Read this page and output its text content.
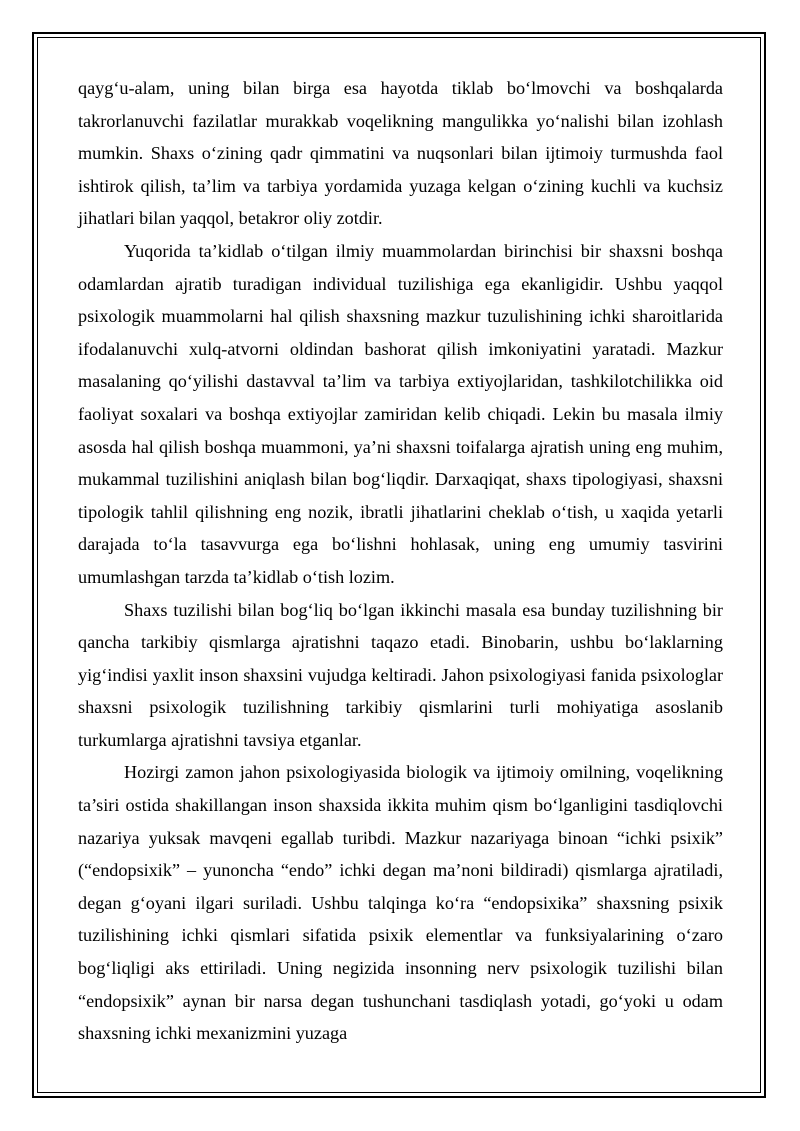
qayg‘u-alam, uning bilan birga esa hayotda tiklab bo‘lmovchi va boshqalarda takrorlanuvchi fazilatlar murakkab voqelikning mangulikka yo‘nalishi bilan izohlash mumkin. Shaxs o‘zining qadr qimmatini va nuqsonlari bilan ijtimoiy turmushda faol ishtirok qilish, ta’lim va tarbiya yordamida yuzaga kelgan o‘zining kuchli va kuchsiz jihatlari bilan yaqqol, betakror oliy zotdir.

Yuqorida ta’kidlab o‘tilgan ilmiy muammolardan birinchisi bir shaxsni boshqa odamlardan ajratib turadigan individual tuzilishiga ega ekanligidir. Ushbu yaqqol psixologik muammolarni hal qilish shaxsning mazkur tuzulishining ichki sharoitlarida ifodalanuvchi xulq-atvorni oldindan bashorat qilish imkoniyatini yaratadi. Mazkur masalaning qo‘yilishi dastavval ta’lim va tarbiya extiyojlaridan, tashkilotchilikka oid faoliyat soxalari va boshqa extiyojlar zamiridan kelib chiqadi. Lekin bu masala ilmiy asosda hal qilish boshqa muammoni, ya’ni shaxsni toifalarga ajratish uning eng muhim, mukammal tuzilishini aniqlash bilan bog‘liqdir. Darxaqiqat, shaxs tipologiyasi, shaxsni tipologik tahlil qilishning eng nozik, ibratli jihatlarini cheklab o‘tish, u xaqida yetarli darajada to‘la tasavvurga ega bo‘lishni hohlasak, uning eng umumiy tasvirini umumlashgan tarzda ta’kidlab o‘tish lozim.

Shaxs tuzilishi bilan bog‘liq bo‘lgan ikkinchi masala esa bunday tuzilishning bir qancha tarkibiy qismlarga ajratishni taqazo etadi. Binobarin, ushbu bo‘laklarning yig‘indisi yaxlit inson shaxsini vujudga keltiradi. Jahon psixologiyasi fanida psixologlar shaxsni psixologik tuzilishning tarkibiy qismlarini turli mohiyatiga asoslanib turkumlarga ajratishni tavsiya etganlar.

Hozirgi zamon jahon psixologiyasida biologik va ijtimoiy omilning, voqelikning ta’siri ostida shakillangan inson shaxsida ikkita muhim qism bo‘lganligini tasdiqlovchi nazariya yuksak mavqeni egallab turibdi. Mazkur nazariyaga binoan “ichki psixik” (“endopsixik” – yunoncha “endo” ichki degan ma’noni bildiradi) qismlarga ajratiladi, degan g‘oyani ilgari suriladi. Ushbu talqinga ko‘ra “endopsixika” shaxsning psixik tuzilishining ichki qismlari sifatida psixik elementlar va funksiyalarining o‘zaro bog‘liqligi aks ettiriladi. Uning negizida insonning nerv psixologik tuzilishi bilan “endopsixik” aynan bir narsa degan tushunchani tasdiqlash yotadi, go‘yoki u odam shaxsning ichki mexanizmini yuzaga
